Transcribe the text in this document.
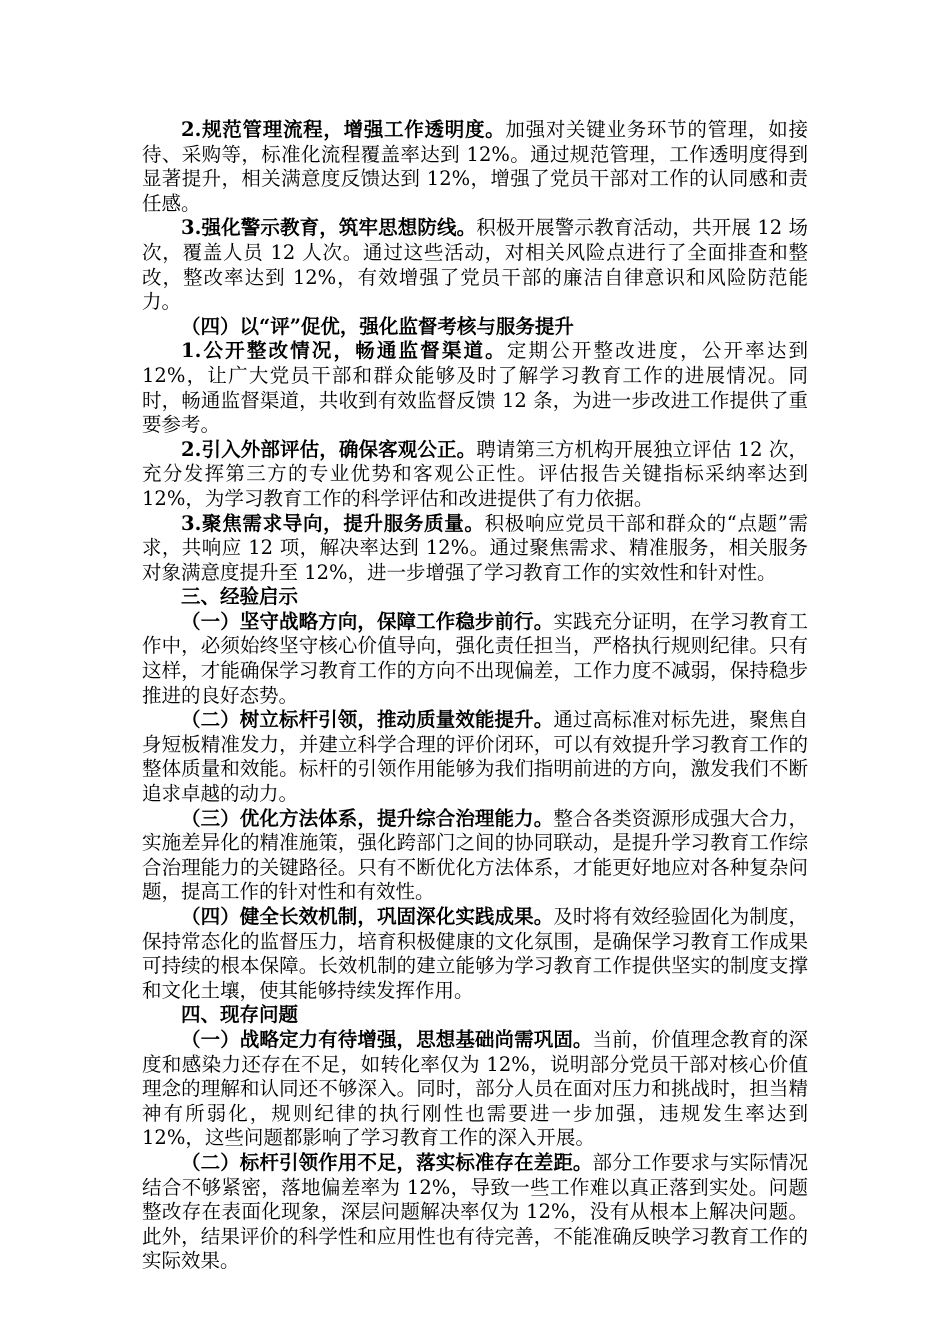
2.规范管理流程，增强工作透明度。加强对关键业务环节的管理，如接待、采购等，标准化流程覆盖率达到 12%。通过规范管理，工作透明度得到显著提升，相关满意度反馈达到 12%，增强了党员干部对工作的认同感和责任感。

3.强化警示教育，筑牢思想防线。积极开展警示教育活动，共开展 12 场次，覆盖人员 12 人次。通过这些活动，对相关风险点进行了全面排查和整改，整改率达到 12%，有效增强了党员干部的廉洁自律意识和风险防范能力。

（四）以“评”促优，强化监督考核与服务提升

1.公开整改情况，畅通监督渠道。定期公开整改进度，公开率达到 12%，让广大党员干部和群众能够及时了解学习教育工作的进展情况。同时，畅通监督渠道，共收到有效监督反馈 12 条，为进一步改进工作提供了重要参考。

2.引入外部评估，确保客观公正。聘请第三方机构开展独立评估 12 次，充分发挥第三方的专业优势和客观公正性。评估报告关键指标采纳率达到 12%，为学习教育工作的科学评估和改进提供了有力依据。

3.聚焦需求导向，提升服务质量。积极响应党员干部和群众的“点题”需求，共响应 12 项，解决率达到 12%。通过聚焦需求、精准服务，相关服务对象满意度提升至 12%，进一步增强了学习教育工作的实效性和针对性。

三、经验启示

（一）坚守战略方向，保障工作稳步前行。实践充分证明，在学习教育工作中，必须始终坚守核心价值导向，强化责任担当，严格执行规则纪律。只有这样，才能确保学习教育工作的方向不出现偏差，工作力度不减弱，保持稳步推进的良好态势。

（二）树立标杆引领，推动质量效能提升。通过高标准对标先进，聚焦自身短板精准发力，并建立科学合理的评价闭环，可以有效提升学习教育工作的整体质量和效能。标杆的引领作用能够为我们指明前进的方向，激发我们不断追求卓越的动力。

（三）优化方法体系，提升综合治理能力。整合各类资源形成强大合力，实施差异化的精准施策，强化跨部门之间的协同联动，是提升学习教育工作综合治理能力的关键路径。只有不断优化方法体系，才能更好地应对各种复杂问题，提高工作的针对性和有效性。

（四）健全长效机制，巩固深化实践成果。及时将有效经验固化为制度，保持常态化的监督压力，培育积极健康的文化氛围，是确保学习教育工作成果可持续的根本保障。长效机制的建立能够为学习教育工作提供坚实的制度支撑和文化土壤，使其能够持续发挥作用。

四、现存问题

（一）战略定力有待增强，思想基础尚需巩固。当前，价值理念教育的深度和感染力还存在不足，如转化率仅为 12%，说明部分党员干部对核心价值理念的理解和认同还不够深入。同时，部分人员在面对压力和挑战时，担当精神有所弱化，规则纪律的执行刚性也需要进一步加强，违规发生率达到 12%，这些问题都影响了学习教育工作的深入开展。

（二）标杆引领作用不足，落实标准存在差距。部分工作要求与实际情况结合不够紧密，落地偏差率为 12%，导致一些工作难以真正落到实处。问题整改存在表面化现象，深层问题解决率仅为 12%，没有从根本上解决问题。此外，结果评价的科学性和应用性也有待完善，不能准确反映学习教育工作的实际效果。
